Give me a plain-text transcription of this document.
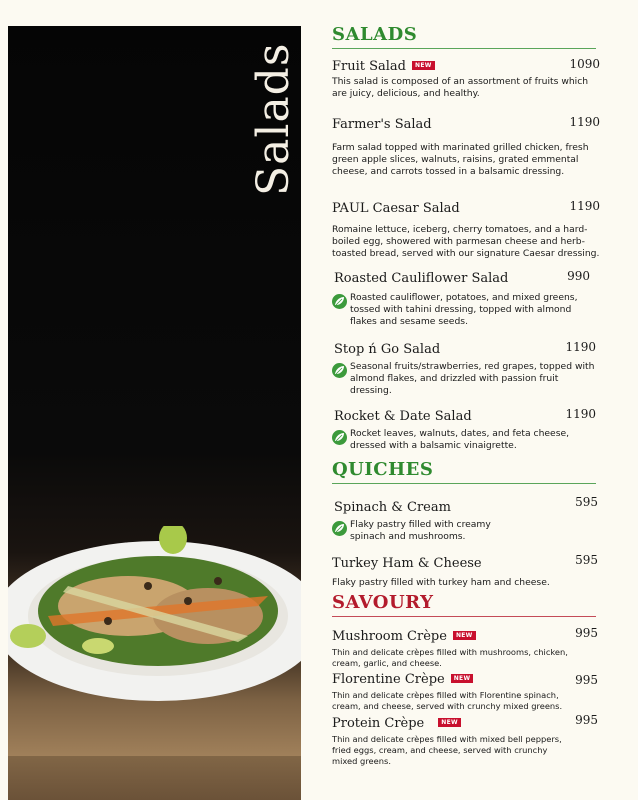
Salads
SALADS
Fruit Salad NEW	1090
This salad is composed of an assortment of fruits which are juicy, delicious, and healthy.
Farmer's Salad	1190
Farm salad topped with marinated grilled chicken, fresh green apple slices, walnuts, raisins, grated emmental cheese, and carrots tossed in a balsamic dressing.
PAUL Caesar Salad	1190
Romaine lettuce, iceberg, cherry tomatoes, and a hard-boiled egg, showered with parmesan cheese and herb-toasted bread, served with our signature Caesar dressing.
Roasted Cauliflower Salad	990
Roasted cauliflower, potatoes, and mixed greens, tossed with tahini dressing, topped with almond flakes and sesame seeds.
Stop ń Go Salad	1190
Seasonal fruits/strawberries, red grapes, topped with almond flakes, and drizzled with passion fruit dressing.
Rocket & Date Salad	1190
Rocket leaves, walnuts, dates, and feta cheese, dressed with a balsamic vinaigrette.
QUICHES
Spinach & Cream	595
Flaky pastry filled with creamy spinach and mushrooms.
Turkey Ham & Cheese	595
Flaky pastry filled with turkey ham and cheese.
SAVOURY
Mushroom Crèpe NEW	995
Thin and delicate crèpes filled with mushrooms, chicken, cream, garlic, and cheese.
Florentine Crèpe NEW	995
Thin and delicate crèpes filled with Florentine spinach, cream, and cheese, served with crunchy mixed greens.
Protein Crèpe	NEW	995
Thin and delicate crèpes filled with mixed bell peppers, fried eggs, cream, and cheese, served with crunchy mixed greens.
